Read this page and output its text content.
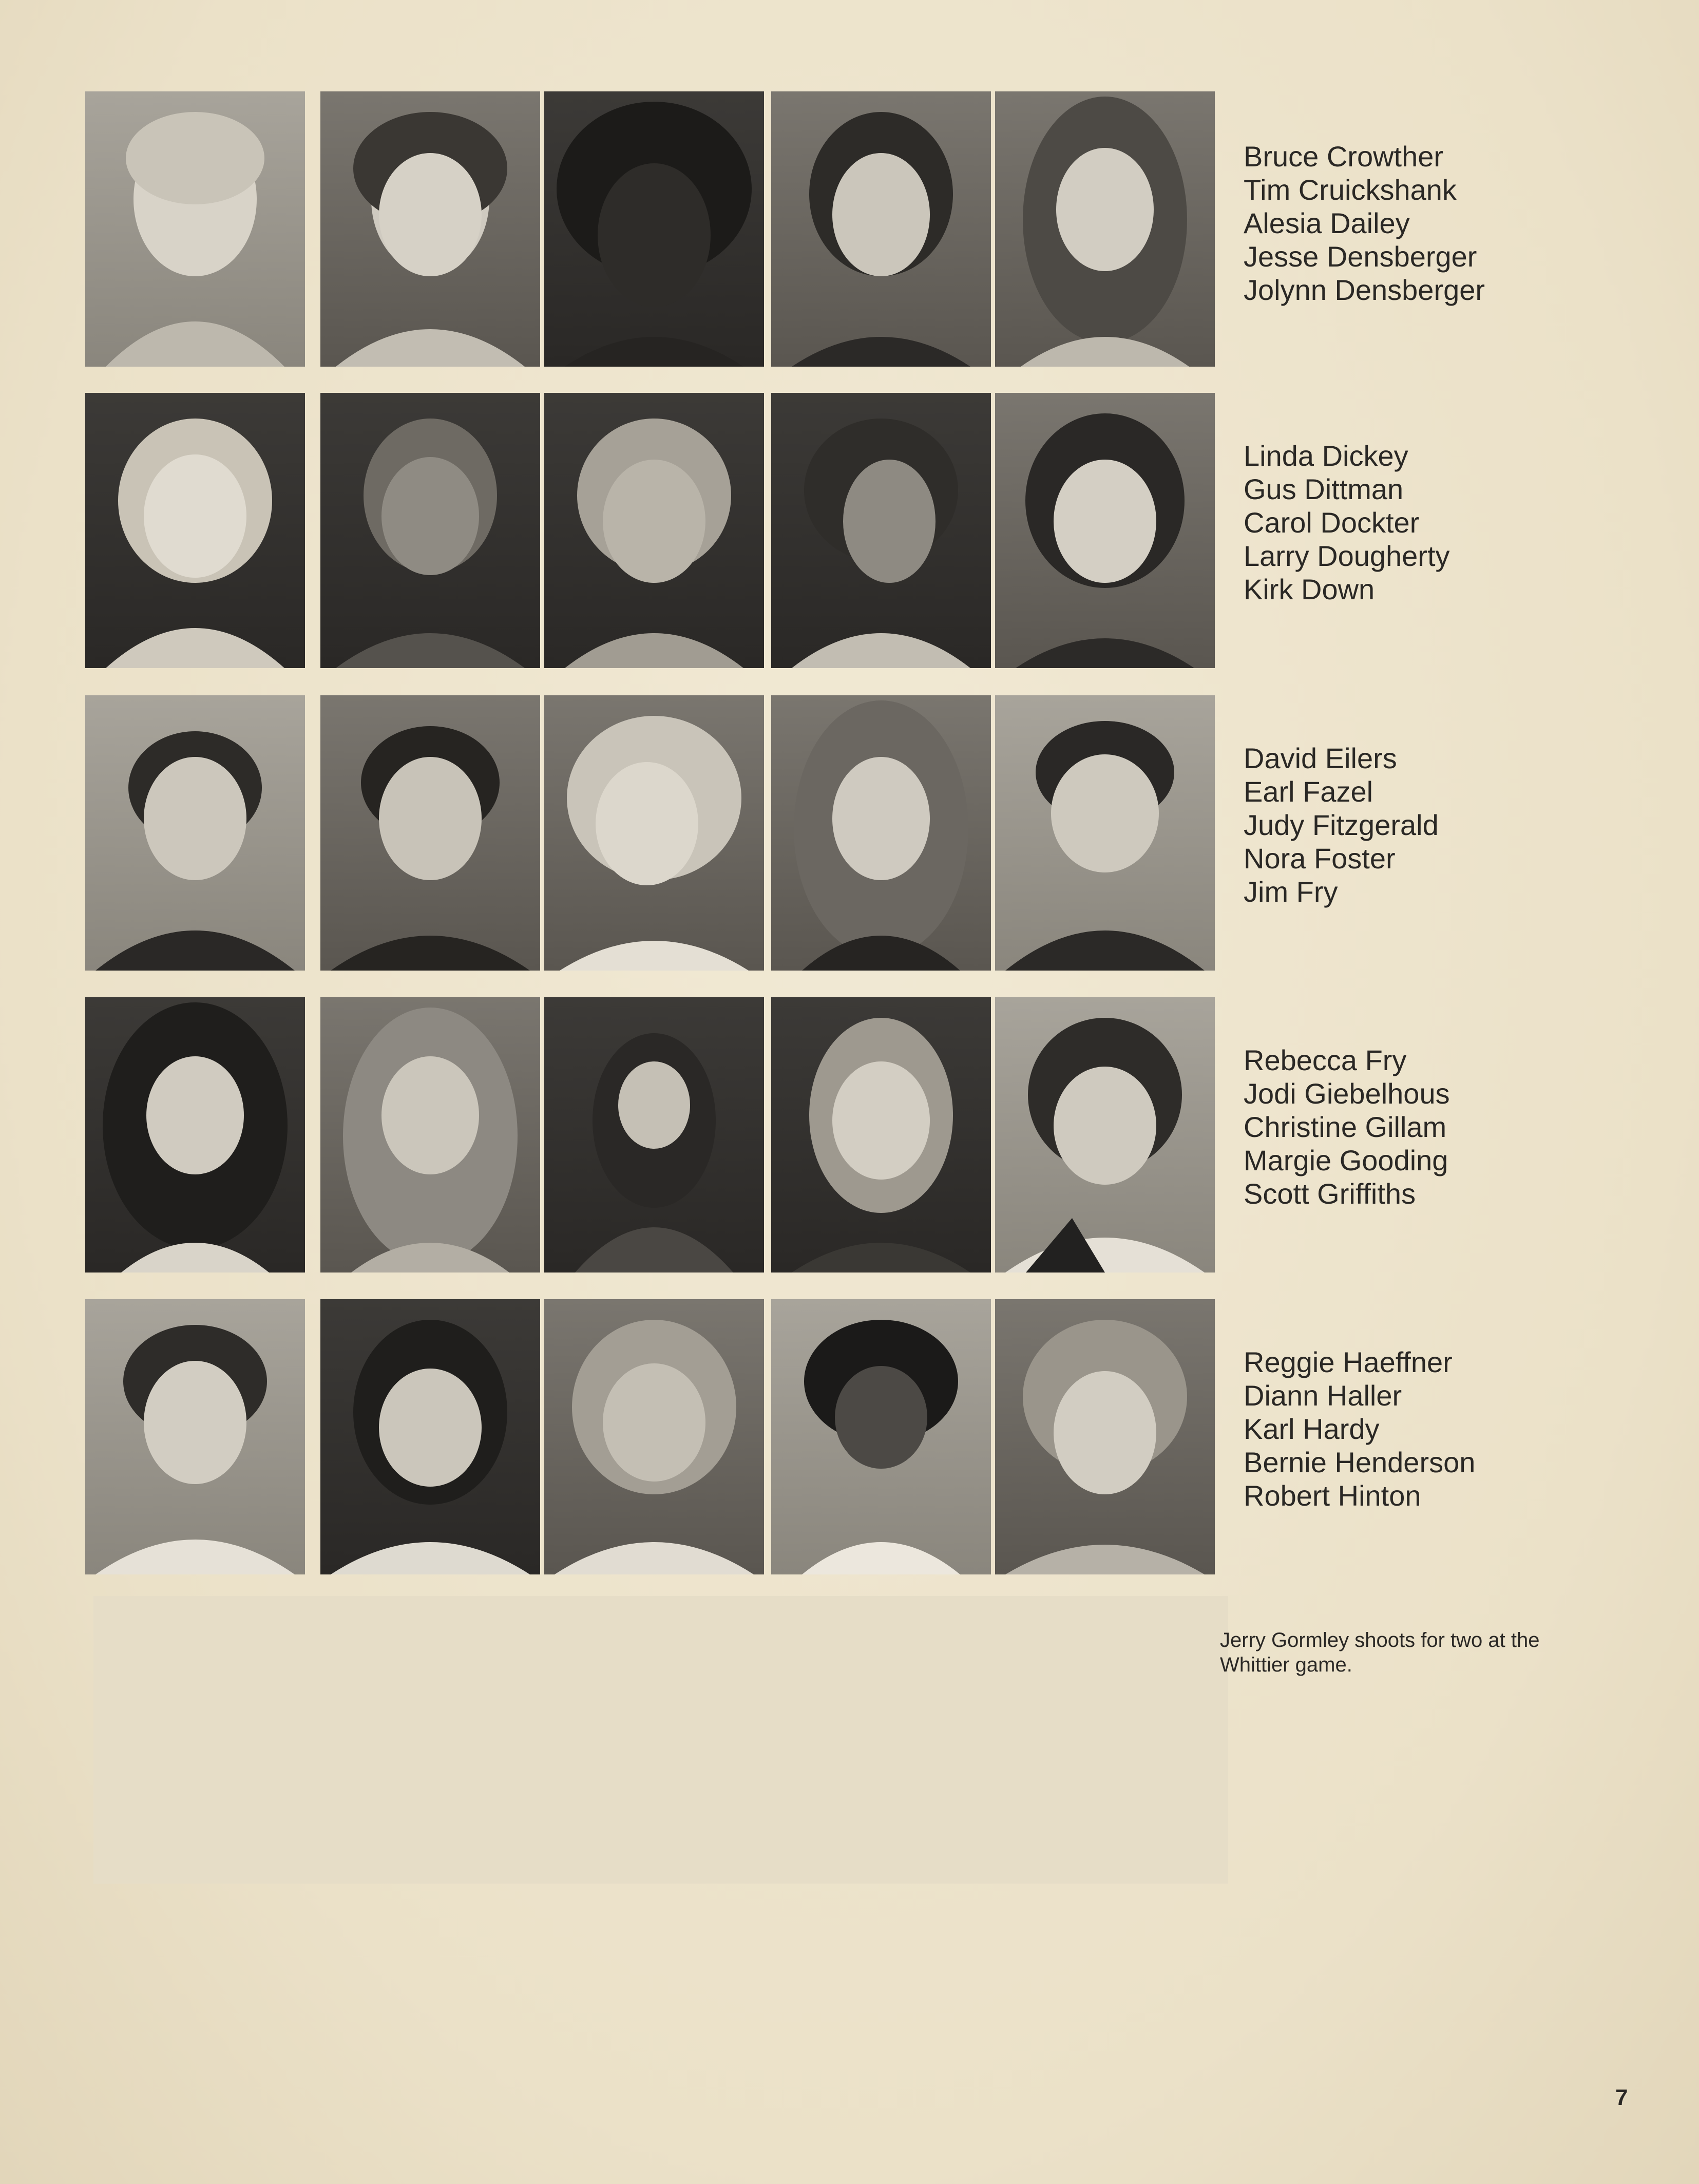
Bruce Crowther
Tim Cruickshank
Alesia Dailey
Jesse Densberger
Jolynn Densberger
Linda Dickey
Gus Dittman
Carol Dockter
Larry Dougherty
Kirk Down
David Eilers
Earl Fazel
Judy Fitzgerald
Nora Foster
Jim Fry
Rebecca Fry
Jodi Giebelhous
Christine Gillam
Margie Gooding
Scott Griffiths
Reggie Haeffner
Diann Haller
Karl Hardy
Bernie Henderson
Robert Hinton
Jerry Gormley shoots for two at the Whittier game.
7
